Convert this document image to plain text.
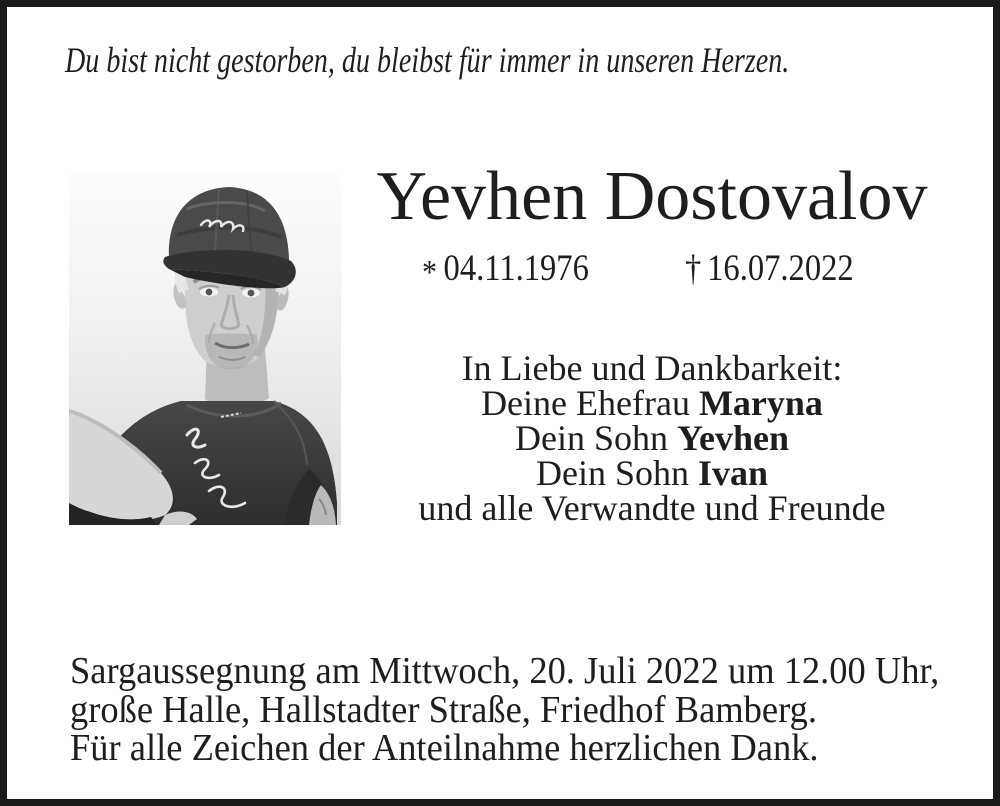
Du bist nicht gestorben, du bleibst für immer in unseren Herzen.
Yevhen Dostovalov
* 04.11.1976	† 16.07.2022
In Liebe und Dankbarkeit:
Deine Ehefrau Maryna
Dein Sohn Yevhen
Dein Sohn Ivan
und alle Verwandte und Freunde
Sargaussegnung am Mittwoch, 20. Juli 2022 um 12.00 Uhr,
große Halle, Hallstadter Straße, Friedhof Bamberg.
Für alle Zeichen der Anteilnahme herzlichen Dank.
